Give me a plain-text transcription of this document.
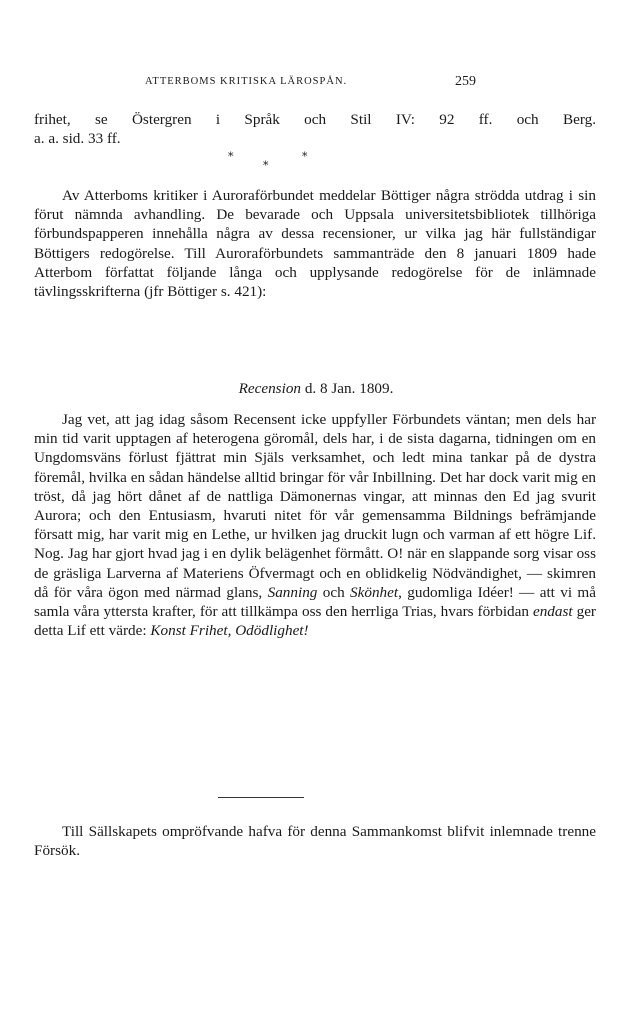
ATTERBOMS KRITISKA LÄROSPÅN.	259

frihet, se Östergren i Språk och Stil IV: 92 ff. och Berg.

a. a. sid. 33 ff.

*	*
*

Av Atterboms kritiker i Auroraförbundet meddelar Böttiger några strödda utdrag i sin förut nämnda avhandling. De bevarade och Uppsala universitetsbibliotek tillhöriga förbundspapperen innehålla några av dessa recensioner, ur vilka jag här fullständigar Böttigers redogörelse. Till Auroraförbundets sammanträde den 8 januari 1809 hade Atterbom författat följande långa och upplysande redogörelse för de inlämnade tävlingsskrifterna (jfr Böttiger s. 421):

Recension d. 8 Jan. 1809.

Jag vet, att jag idag såsom Recensent icke uppfyller Förbundets väntan; men dels har min tid varit upptagen af heterogena göromål, dels har, i de sista dagarna, tidningen om en Ungdomsväns förlust fjättrat min Själs verksamhet, och ledt mina tankar på de dystra föremål, hvilka en sådan händelse alltid bringar för vår Inbillning. Det har dock varit mig en tröst, då jag hört dånet af de nattliga Dämonernas vingar, att minnas den Ed jag svurit Aurora; och den Entusiasm, hvaruti nitet för vår gemensamma Bildnings befrämjande försatt mig, har varit mig en Lethe, ur hvilken jag druckit lugn och varman af ett högre Lif. Nog. Jag har gjort hvad jag i en dylik belägenhet förmått. O! när en slappande sorg visar oss de gräsliga Larverna af Materiens Öfvermagt och en oblidkelig Nödvändighet, — skimren då för våra ögon med närmad glans, Sanning och Skönhet, gudomliga Idéer! — att vi må samla våra yttersta krafter, för att tillkämpa oss den herrliga Trias, hvars förbidan endast ger detta Lif ett värde: Konst Frihet, Odödlighet!

Till Sällskapets ompröfvande hafva för denna Sammankomst blifvit inlemnade trenne Försök.
